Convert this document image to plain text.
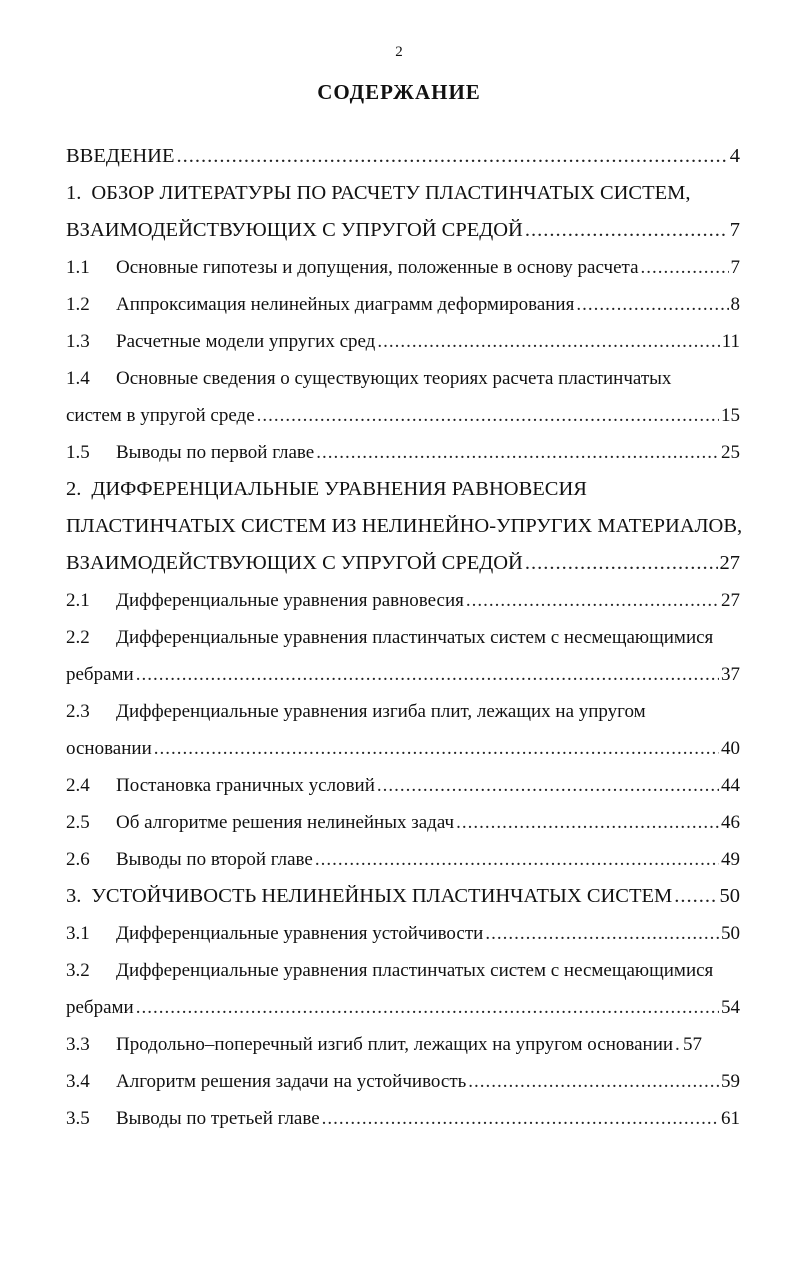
2
СОДЕРЖАНИЕ
ВВЕДЕНИЕ .....	4
1. ОБЗОР ЛИТЕРАТУРЫ ПО РАСЧЕТУ ПЛАСТИНЧАТЫХ СИСТЕМ,
ВЗАИМОДЕЙСТВУЮЩИХ С УПРУГОЙ СРЕДОЙ .....	7
1.1	Основные гипотезы и допущения, положенные в основу расчета .....	7
1.2	Аппроксимация нелинейных диаграмм деформирования .....	8
1.3	Расчетные модели упругих сред .....	11
1.4 Основные сведения о существующих теориях расчета пластинчатых
систем в упругой среде .....	15
1.5	Выводы по первой главе .....	25
2. ДИФФЕРЕНЦИАЛЬНЫЕ УРАВНЕНИЯ РАВНОВЕСИЯ
ПЛАСТИНЧАТЫХ СИСТЕМ ИЗ НЕЛИНЕЙНО-УПРУГИХ МАТЕРИАЛОВ,
ВЗАИМОДЕЙСТВУЮЩИХ С УПРУГОЙ СРЕДОЙ .....	27
2.1	Дифференциальные уравнения равновесия .....	27
2.2 Дифференциальные уравнения пластинчатых систем с несмещающимися
ребрами .....	37
2.3 Дифференциальные уравнения изгиба плит, лежащих на упругом
основании .....	40
2.4	Постановка граничных условий .....	44
2.5	Об алгоритме решения нелинейных задач .....	46
2.6	Выводы по второй главе .....	49
3. УСТОЙЧИВОСТЬ НЕЛИНЕЙНЫХ ПЛАСТИНЧАТЫХ СИСТЕМ ..... 50
3.1	Дифференциальные уравнения устойчивости .....	50
3.2 Дифференциальные уравнения пластинчатых систем с несмещающимися
ребрами .....	54
3.3	Продольно–поперечный изгиб плит, лежащих на упругом основании ..... 57
3.4	Алгоритм решения задачи на устойчивость .....	59
3.5	Выводы по третьей главе .....	61
